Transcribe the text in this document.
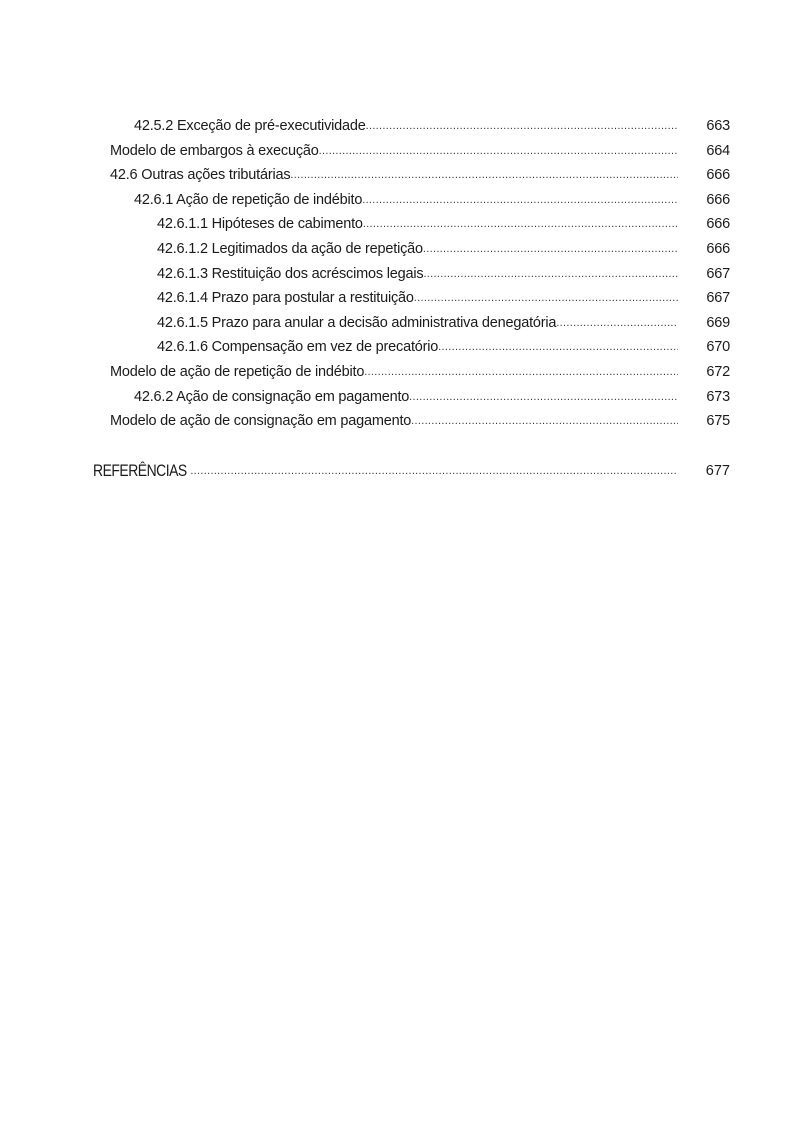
42.5.2 Exceção de pré-executividade .....	663
Modelo de embargos à execução .....	664
42.6 Outras ações tributárias .....	666
42.6.1 Ação de repetição de indébito .....	666
42.6.1.1 Hipóteses de cabimento .....	666
42.6.1.2 Legitimados da ação de repetição .....	666
42.6.1.3 Restituição dos acréscimos legais .....	667
42.6.1.4 Prazo para postular a restituição .....	667
42.6.1.5 Prazo para anular a decisão administrativa denegatória .....	669
42.6.1.6 Compensação em vez de precatório .....	670
Modelo de ação de repetição de indébito .....	672
42.6.2 Ação de consignação em pagamento .....	673
Modelo de ação de consignação em pagamento .....	675
REFERÊNCIAS .....	677
